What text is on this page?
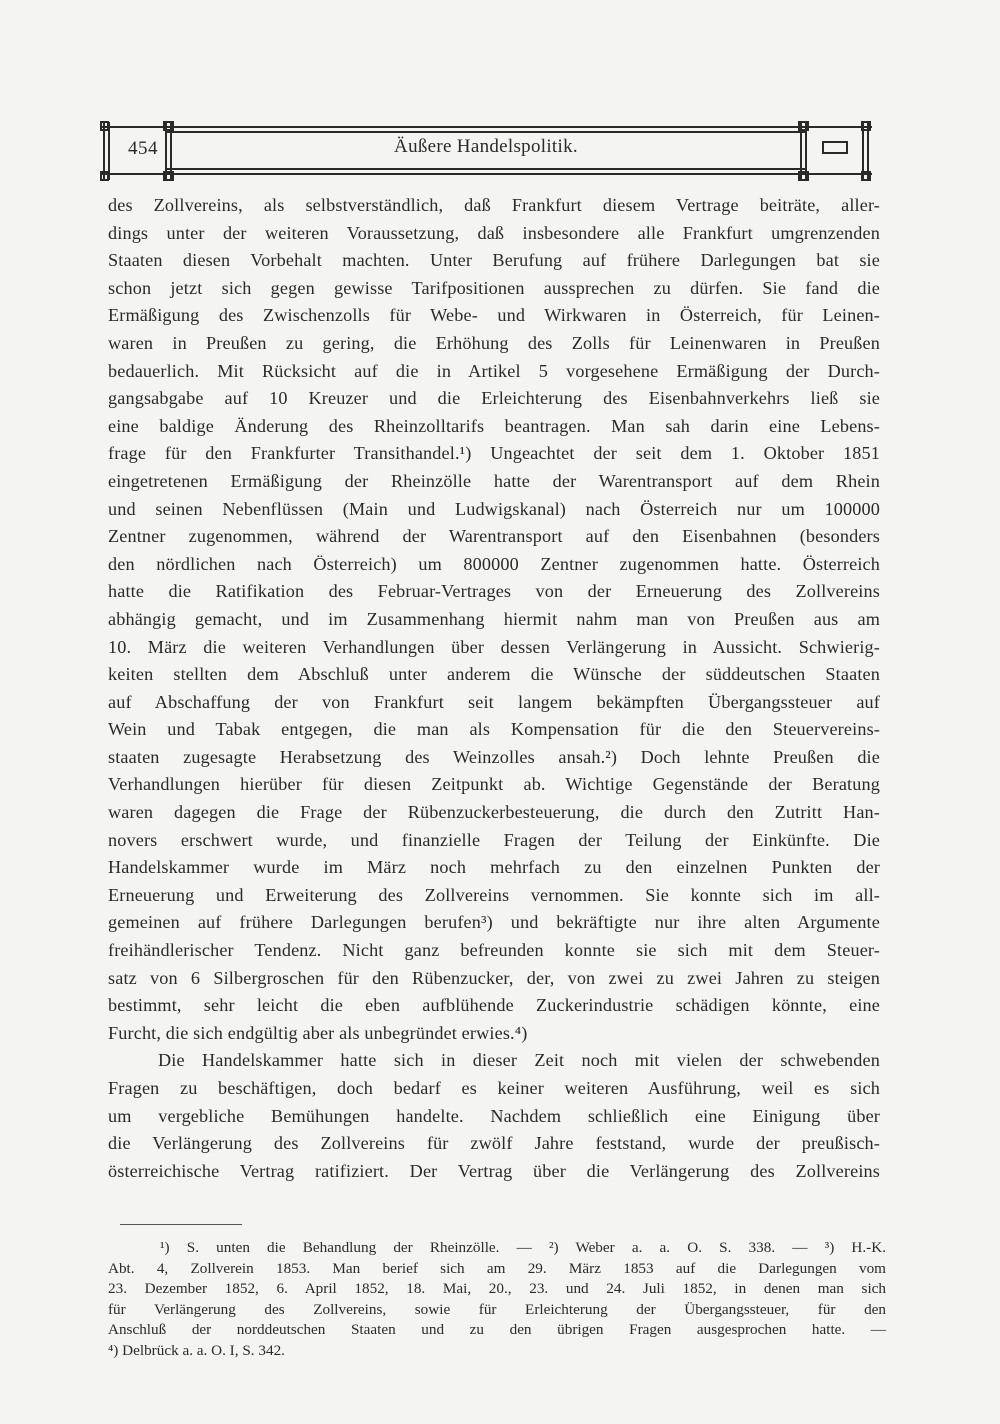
454	Äußere Handelspolitik.
des Zollvereins, als selbstverständlich, daß Frankfurt diesem Vertrage beiträte, aller-
dings unter der weiteren Voraussetzung, daß insbesondere alle Frankfurt umgrenzenden
Staaten diesen Vorbehalt machten. Unter Berufung auf frühere Darlegungen bat sie
schon jetzt sich gegen gewisse Tarifpositionen aussprechen zu dürfen. Sie fand die
Ermäßigung des Zwischenzolls für Webe- und Wirkwaren in Österreich, für Leinen-
waren in Preußen zu gering, die Erhöhung des Zolls für Leinenwaren in Preußen
bedauerlich. Mit Rücksicht auf die in Artikel 5 vorgesehene Ermäßigung der Durch-
gangsabgabe auf 10 Kreuzer und die Erleichterung des Eisenbahnverkehrs ließ sie
eine baldige Änderung des Rheinzolltarifs beantragen. Man sah darin eine Lebens-
frage für den Frankfurter Transithandel.¹) Ungeachtet der seit dem 1. Oktober 1851
eingetretenen Ermäßigung der Rheinzölle hatte der Warentransport auf dem Rhein
und seinen Nebenflüssen (Main und Ludwigskanal) nach Österreich nur um 100000
Zentner zugenommen, während der Warentransport auf den Eisenbahnen (besonders
den nördlichen nach Österreich) um 800000 Zentner zugenommen hatte. Österreich
hatte die Ratifikation des Februar-Vertrages von der Erneuerung des Zollvereins
abhängig gemacht, und im Zusammenhang hiermit nahm man von Preußen aus am
10. März die weiteren Verhandlungen über dessen Verlängerung in Aussicht. Schwierig-
keiten stellten dem Abschluß unter anderem die Wünsche der süddeutschen Staaten
auf Abschaffung der von Frankfurt seit langem bekämpften Übergangssteuer auf
Wein und Tabak entgegen, die man als Kompensation für die den Steuervereins-
staaten zugesagte Herabsetzung des Weinzolles ansah.²) Doch lehnte Preußen die
Verhandlungen hierüber für diesen Zeitpunkt ab. Wichtige Gegenstände der Beratung
waren dagegen die Frage der Rübenzuckerbesteuerung, die durch den Zutritt Han-
novers erschwert wurde, und finanzielle Fragen der Teilung der Einkünfte. Die
Handelskammer wurde im März noch mehrfach zu den einzelnen Punkten der
Erneuerung und Erweiterung des Zollvereins vernommen. Sie konnte sich im all-
gemeinen auf frühere Darlegungen berufen³) und bekräftigte nur ihre alten Argumente
freihändlerischer Tendenz. Nicht ganz befreunden konnte sie sich mit dem Steuer-
satz von 6 Silbergroschen für den Rübenzucker, der, von zwei zu zwei Jahren zu steigen
bestimmt, sehr leicht die eben aufblühende Zuckerindustrie schädigen könnte, eine
Furcht, die sich endgültig aber als unbegründet erwies.⁴)
Die Handelskammer hatte sich in dieser Zeit noch mit vielen der schwebenden
Fragen zu beschäftigen, doch bedarf es keiner weiteren Ausführung, weil es sich
um vergebliche Bemühungen handelte. Nachdem schließlich eine Einigung über
die Verlängerung des Zollvereins für zwölf Jahre feststand, wurde der preußisch-
österreichische Vertrag ratifiziert. Der Vertrag über die Verlängerung des Zollvereins
¹) S. unten die Behandlung der Rheinzölle. — ²) Weber a. a. O. S. 338. — ³) H.-K.
Abt. 4, Zollverein 1853. Man berief sich am 29. März 1853 auf die Darlegungen vom
23. Dezember 1852, 6. April 1852, 18. Mai, 20., 23. und 24. Juli 1852, in denen man sich
für Verlängerung des Zollvereins, sowie für Erleichterung der Übergangssteuer, für den
Anschluß der norddeutschen Staaten und zu den übrigen Fragen ausgesprochen hatte. —
⁴) Delbrück a. a. O. I, S. 342.
